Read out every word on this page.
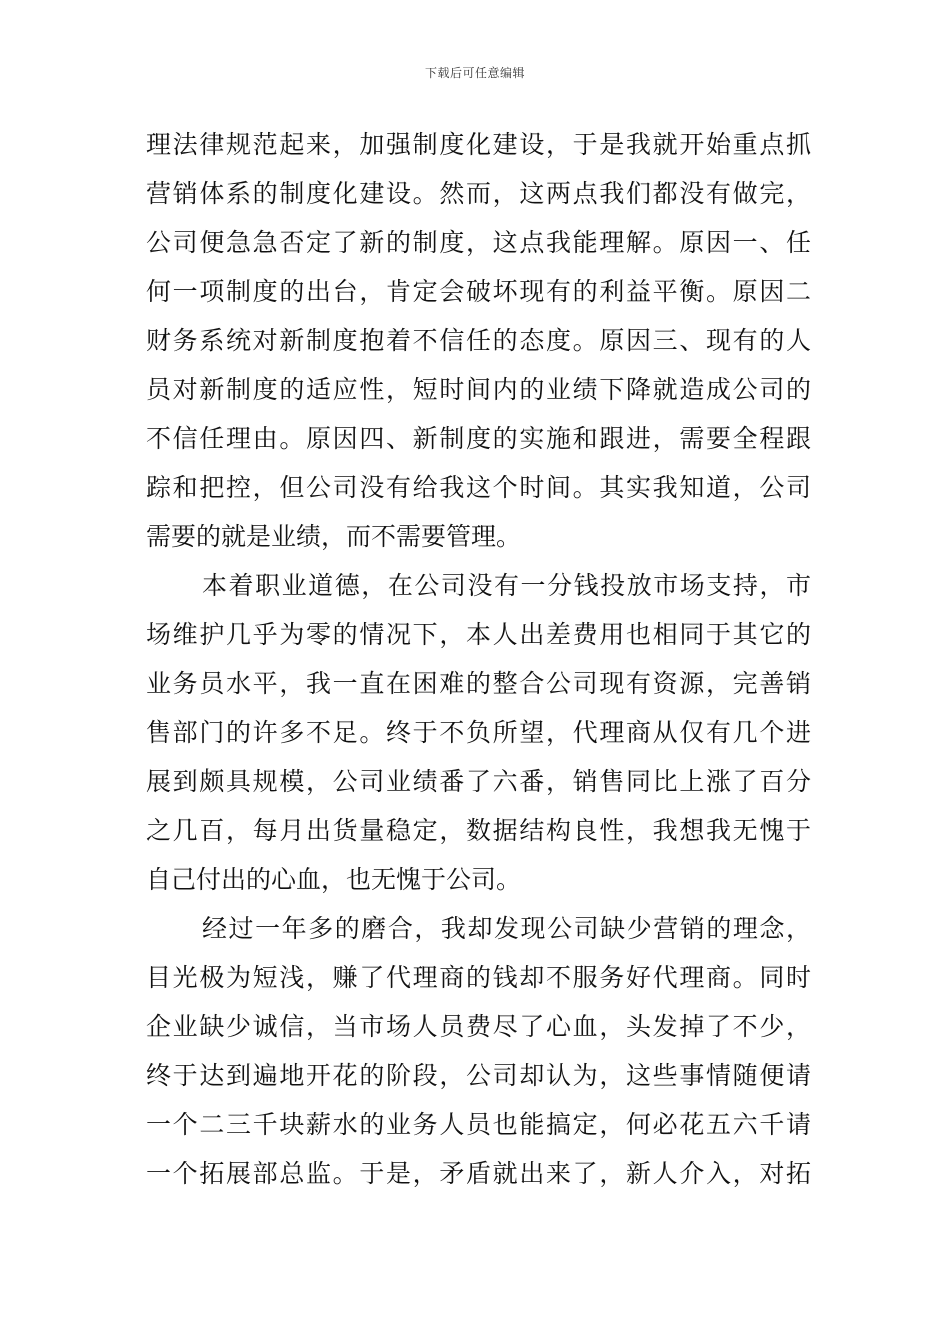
下载后可任意编辑
理法律规范起来，加强制度化建设，于是我就开始重点抓
营销体系的制度化建设。然而，这两点我们都没有做完，
公司便急急否定了新的制度，这点我能理解。原因一、任
何一项制度的出台，肯定会破坏现有的利益平衡。原因二
财务系统对新制度抱着不信任的态度。原因三、现有的人
员对新制度的适应性，短时间内的业绩下降就造成公司的
不信任理由。原因四、新制度的实施和跟进，需要全程跟
踪和把控，但公司没有给我这个时间。其实我知道，公司
需要的就是业绩，而不需要管理。
本着职业道德，在公司没有一分钱投放市场支持，市
场维护几乎为零的情况下，本人出差费用也相同于其它的
业务员水平，我一直在困难的整合公司现有资源，完善销
售部门的许多不足。终于不负所望，代理商从仅有几个进
展到颇具规模，公司业绩番了六番，销售同比上涨了百分
之几百，每月出货量稳定，数据结构良性，我想我无愧于
自己付出的心血，也无愧于公司。
经过一年多的磨合，我却发现公司缺少营销的理念，
目光极为短浅，赚了代理商的钱却不服务好代理商。同时
企业缺少诚信，当市场人员费尽了心血，头发掉了不少，
终于达到遍地开花的阶段，公司却认为，这些事情随便请
一个二三千块薪水的业务人员也能搞定，何必花五六千请
一个拓展部总监。于是，矛盾就出来了，新人介入，对拓
